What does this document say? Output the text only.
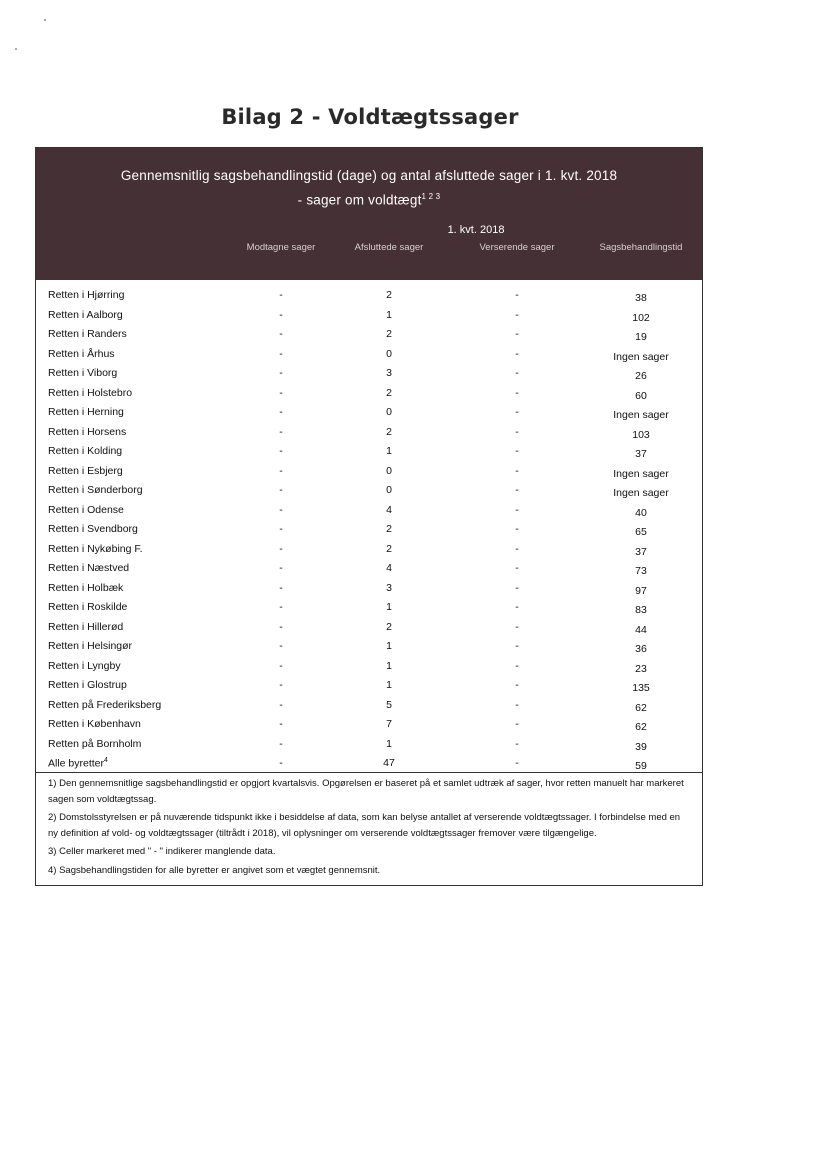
Bilag 2 - Voldtægtssager
Gennemsnitlig sagsbehandlingstid (dage) og antal afsluttede sager i 1. kvt. 2018
- sager om voldtægt$^{1 2 3}$
1. kvt. 2018
Modtagne sager	Afsluttede sager	Verserende sager	Sagsbehandlingstid
Retten i Hjørring	-	2	-	38
Retten i Aalborg	-	1	-	102
Retten i Randers	-	2	-	19
Retten i Århus	-	0	-	Ingen sager
Retten i Viborg	-	3	-	26
Retten i Holstebro	-	2	-	60
Retten i Herning	-	0	-	Ingen sager
Retten i Horsens	-	2	-	103
Retten i Kolding	-	1	-	37
Retten i Esbjerg	-	0	-	Ingen sager
Retten i Sønderborg	-	0	-	Ingen sager
Retten i Odense	-	4	-	40
Retten i Svendborg	-	2	-	65
Retten i Nykøbing F.	-	2	-	37
Retten i Næstved	-	4	-	73
Retten i Holbæk	-	3	-	97
Retten i Roskilde	-	1	-	83
Retten i Hillerød	-	2	-	44
Retten i Helsingør	-	1	-	36
Retten i Lyngby	-	1	-	23
Retten i Glostrup	-	1	-	135
Retten på Frederiksberg	-	5	-	62
Retten i København	-	7	-	62
Retten på Bornholm	-	1	-	39
Alle byretter$^4$	-	47	-	59

1) Den gennemsnitlige sagsbehandlingstid er opgjort kvartalsvis. Opgørelsen er baseret på et samlet udtræk af sager, hvor retten manuelt har markeret sagen som voldtægtssag.

2) Domstolsstyrelsen er på nuværende tidspunkt ikke i besiddelse af data, som kan belyse antallet af verserende voldtægtssager. I forbindelse med en ny definition af vold- og voldtægtssager (tiltrådt i 2018), vil oplysninger om verserende voldtægtssager fremover være tilgængelige.

3) Celler markeret med " - " indikerer manglende data.

4) Sagsbehandlingstiden for alle byretter er angivet som et vægtet gennemsnit.
